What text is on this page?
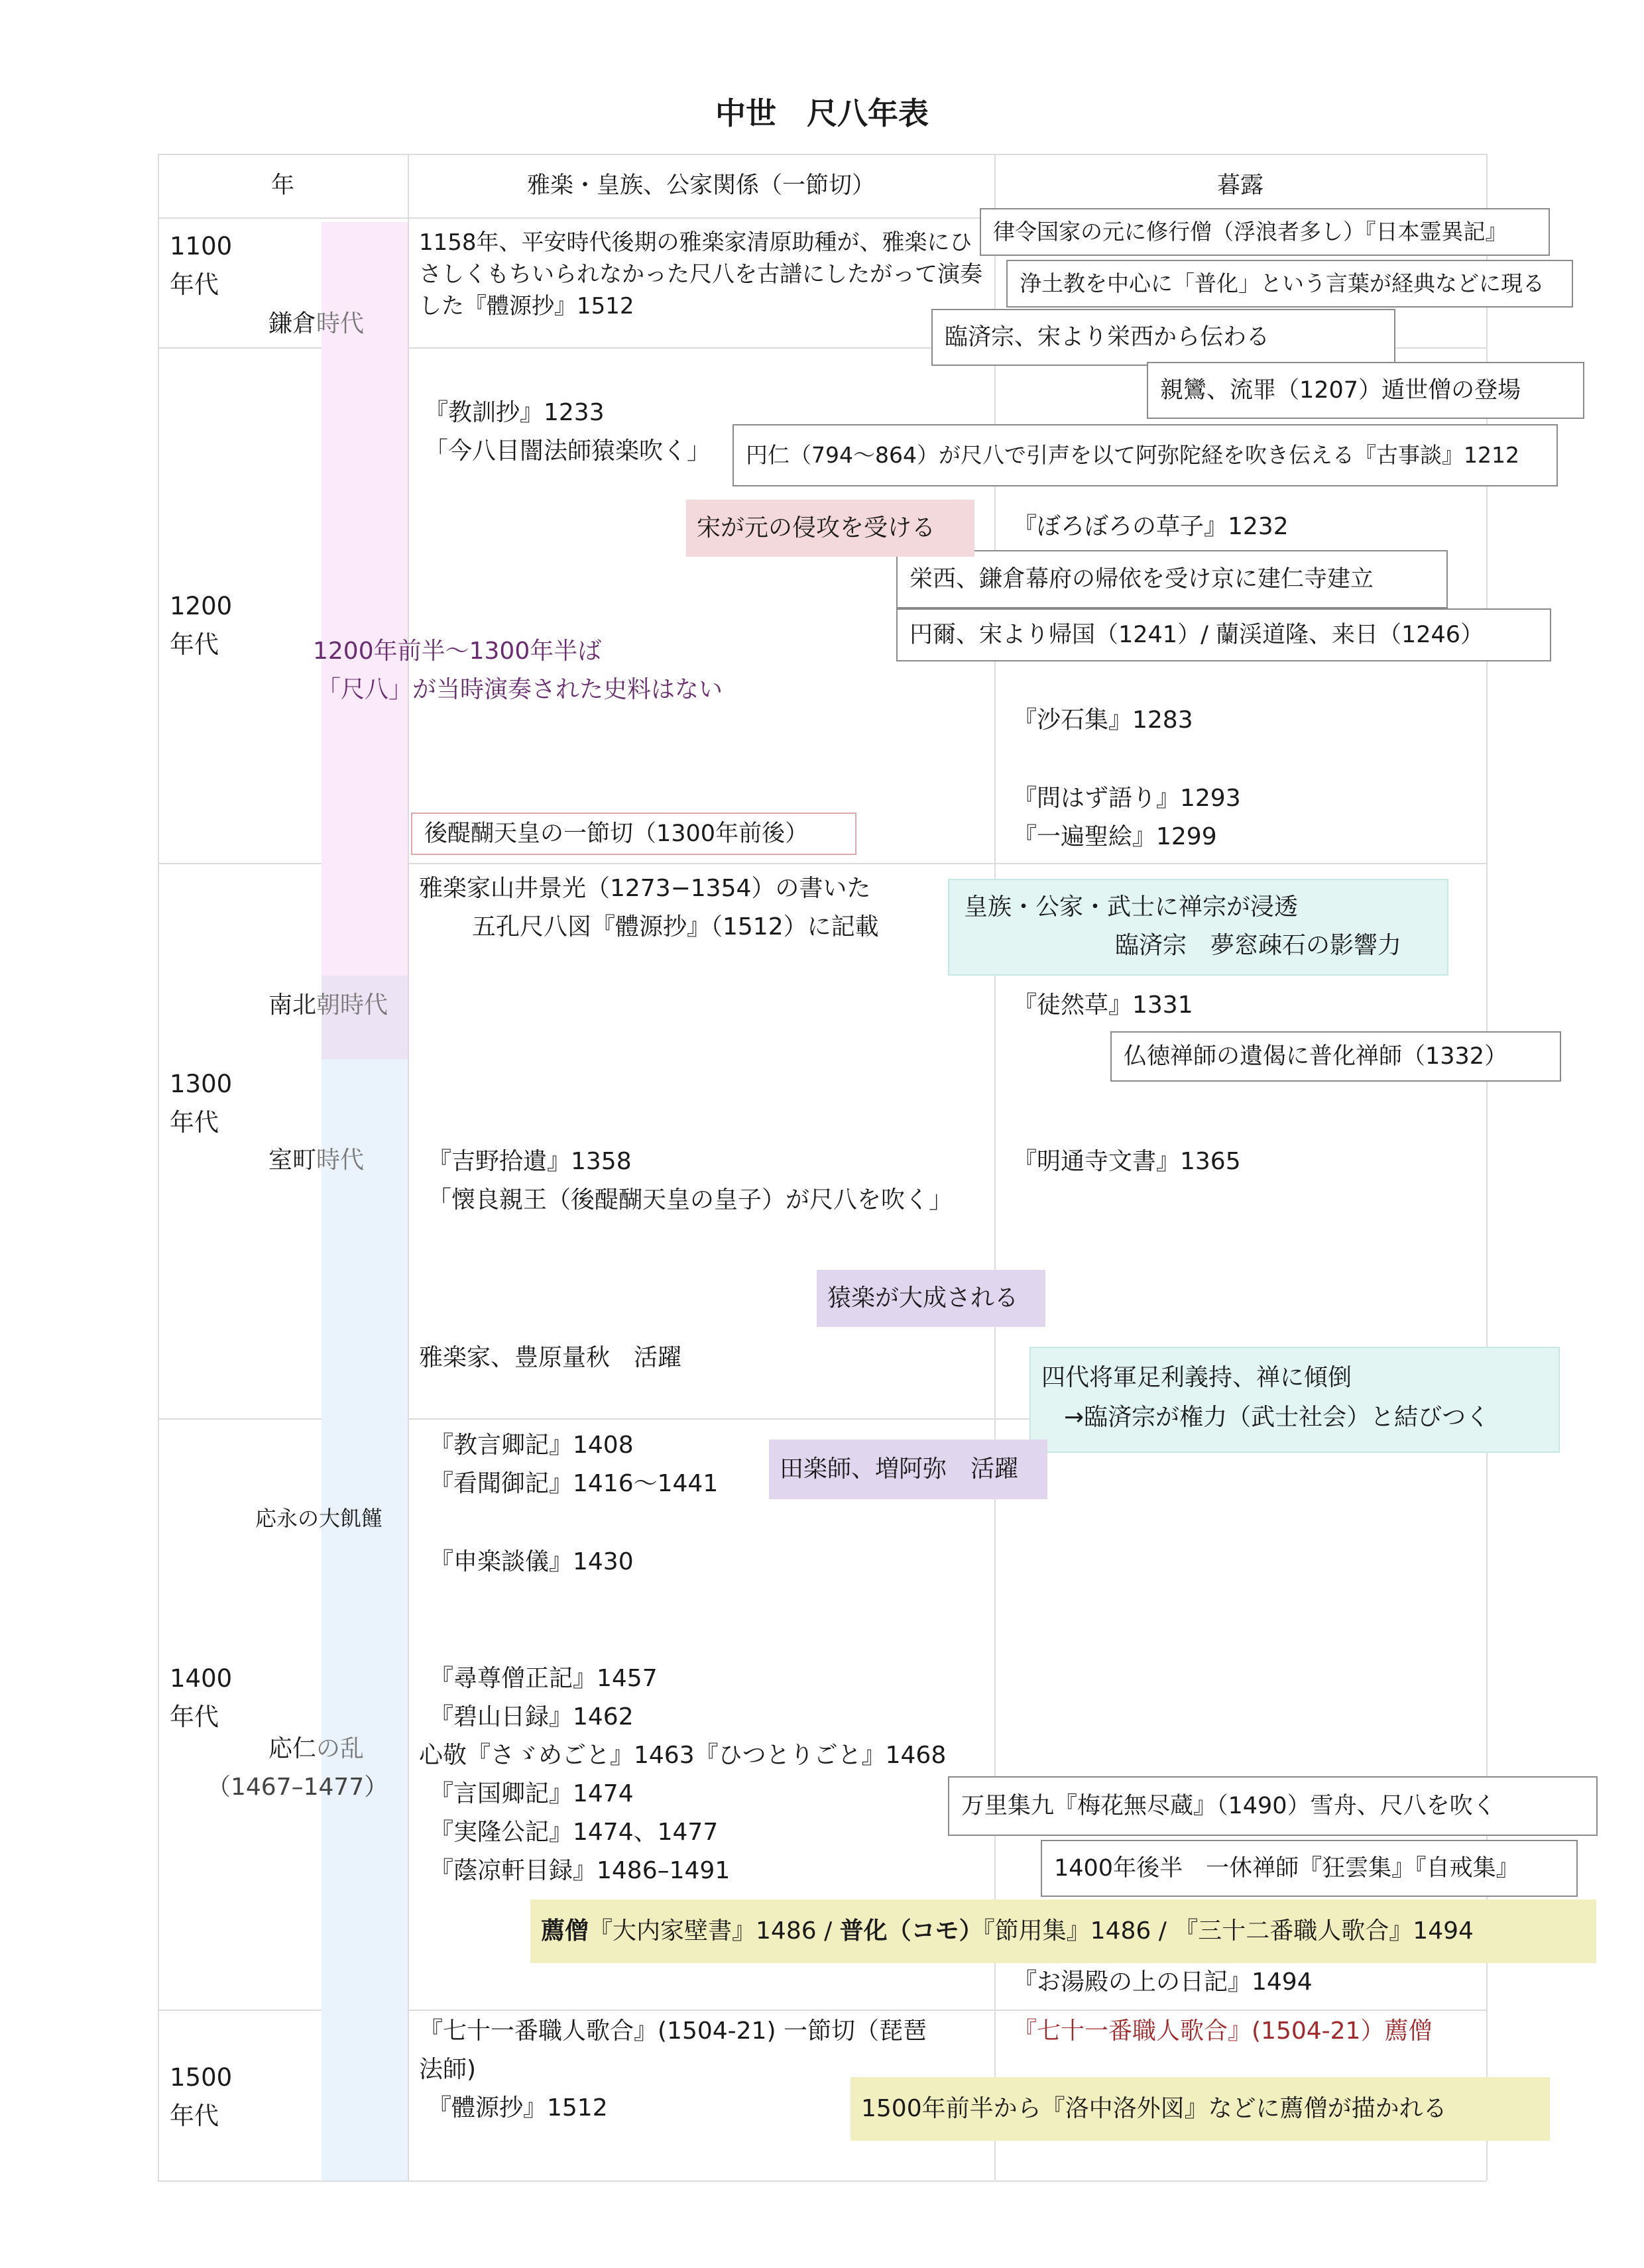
中世　尺八年表
年	雅楽・皇族、公家関係（一節切）	暮露
1100
年代
1200
年代
1300
年代
1400
年代
1500
年代
鎌倉時代
南北朝時代
室町時代
応永の大飢饉
応仁の乱
（1467–1477）
1200年前半〜1300年半ば
「尺八」が当時演奏された史料はない
1158年、平安時代後期の雅楽家清原助種が、雅楽にひ
さしくもちいられなかった尺八を古譜にしたがって演奏
した『體源抄』1512
『教訓抄』1233
「今八目闇法師猿楽吹く」
雅楽家山井景光（1273−1354）の書いた
五孔尺八図『體源抄』（1512）に記載
『吉野拾遺』1358
「懐良親王（後醍醐天皇の皇子）が尺八を吹く」
雅楽家、豊原量秋　活躍
『教言卿記』1408
『看聞御記』1416〜1441
『申楽談儀』1430
『尋尊僧正記』1457
『碧山日録』1462
心敬『さゞめごと』1463『ひつとりごと』1468
『言国卿記』1474
『実隆公記』1474、1477
『蔭凉軒目録』1486–1491
『七十一番職人歌合』(1504-21) 一節切（琵琶
法師)
『體源抄』1512
後醍醐天皇の一節切（1300年前後）
『ぼろぼろの草子』1232
『沙石集』1283
『問はず語り』1293
『一遍聖絵』1299
『徒然草』1331
『明通寺文書』1365
『お湯殿の上の日記』1494
『七十一番職人歌合』(1504-21）薦僧
律令国家の元に修行僧（浮浪者多し）『日本霊異記』
浄土教を中心に「普化」という言葉が経典などに現る
臨済宗、宋より栄西から伝わる
親鸞、流罪（1207）遁世僧の登場
円仁（794〜864）が尺八で引声を以て阿弥陀経を吹き伝える『古事談』1212
栄西、鎌倉幕府の帰依を受け京に建仁寺建立
円爾、宋より帰国（1241）/ 蘭渓道隆、来日（1246）
仏徳禅師の遺偈に普化禅師（1332）
万里集九『梅花無尽蔵』（1490）雪舟、尺八を吹く
1400年後半　一休禅師『狂雲集』『自戒集』
宋が元の侵攻を受ける
皇族・公家・武士に禅宗が浸透
臨済宗　夢窓疎石の影響力
猿楽が大成される
四代将軍足利義持、禅に傾倒
→臨済宗が権力（武士社会）と結びつく
田楽師、増阿弥　活躍
薦僧『大内家壁書』1486 / 普化（コモ）『節用集』1486 / 『三十二番職人歌合』1494
1500年前半から『洛中洛外図』などに薦僧が描かれる
